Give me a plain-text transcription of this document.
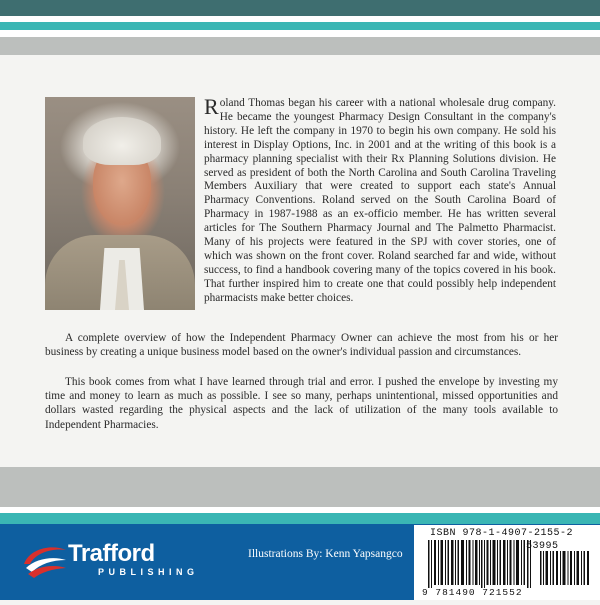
Roland Thomas began his career with a national wholesale drug company. He became the youngest Pharmacy Design Consultant in the company's history. He left the company in 1970 to begin his own company. He sold his interest in Display Options, Inc. in 2001 and at the writing of this book is a pharmacy planning specialist with their Rx Planning Solutions division. He served as president of both the North Carolina and South Carolina Traveling Members Auxiliary that were created to support each state's Annual Pharmacy Conventions. Roland served on the South Carolina Board of Pharmacy in 1987-1988 as an ex-officio member. He has written several articles for The Southern Pharmacy Journal and The Palmetto Pharmacist. Many of his projects were featured in the SPJ with cover stories, one of which was shown on the front cover. Roland searched far and wide, without success, to find a handbook covering many of the topics covered in his book. That further inspired him to create one that could possibly help independent pharmacists make better choices.

A complete overview of how the Independent Pharmacy Owner can achieve the most from his or her business by creating a unique business model based on the owner's individual passion and circumstances.

This book comes from what I have learned through trial and error. I pushed the envelope by investing my time and money to learn as much as possible. I see so many, perhaps unintentional, missed opportunities and dollars wasted regarding the physical aspects and the lack of utilization of the many tools available to Independent Pharmacies.

Trafford
PUBLISHING
Illustrations By: Kenn Yapsangco
ISBN 978-1-4907-2155-2
53995
9 781490 721552
